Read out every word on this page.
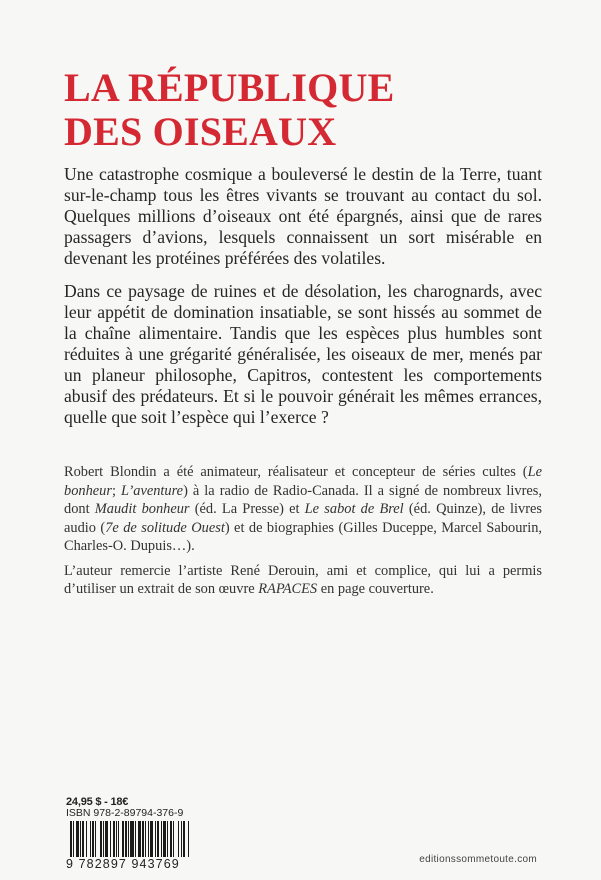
LA RÉPUBLIQUE
DES OISEAUX

Une catastrophe cosmique a bouleversé le destin de la Terre, tuant sur-le-champ tous les êtres vivants se trouvant au contact du sol. Quelques millions d’oiseaux ont été épargnés, ainsi que de rares passagers d’avions, lesquels connaissent un sort misérable en devenant les protéines préférées des volatiles.

Dans ce paysage de ruines et de désolation, les charognards, avec leur appétit de domination insatiable, se sont hissés au sommet de la chaîne alimentaire. Tandis que les espèces plus humbles sont réduites à une grégarité généralisée, les oiseaux de mer, menés par un planeur philosophe, Capitros, contestent les comportements abusif des prédateurs. Et si le pouvoir générait les mêmes errances, quelle que soit l’espèce qui l’exerce ?

Robert Blondin a été animateur, réalisateur et concepteur de séries cultes (Le bonheur; L’aventure) à la radio de Radio-Canada. Il a signé de nombreux livres, dont Maudit bonheur (éd. La Presse) et Le sabot de Brel (éd. Quinze), de livres audio (7e de solitude Ouest) et de biographies (Gilles Duceppe, Marcel Sabourin, Charles-O. Dupuis…).

L’auteur remercie l’artiste René Derouin, ami et complice, qui lui a permis d’utiliser un extrait de son œuvre RAPACES en page couverture.

24,95 $ - 18€
ISBN 978-2-89794-376-9
9 782897 943769	editionssommetoute.com
